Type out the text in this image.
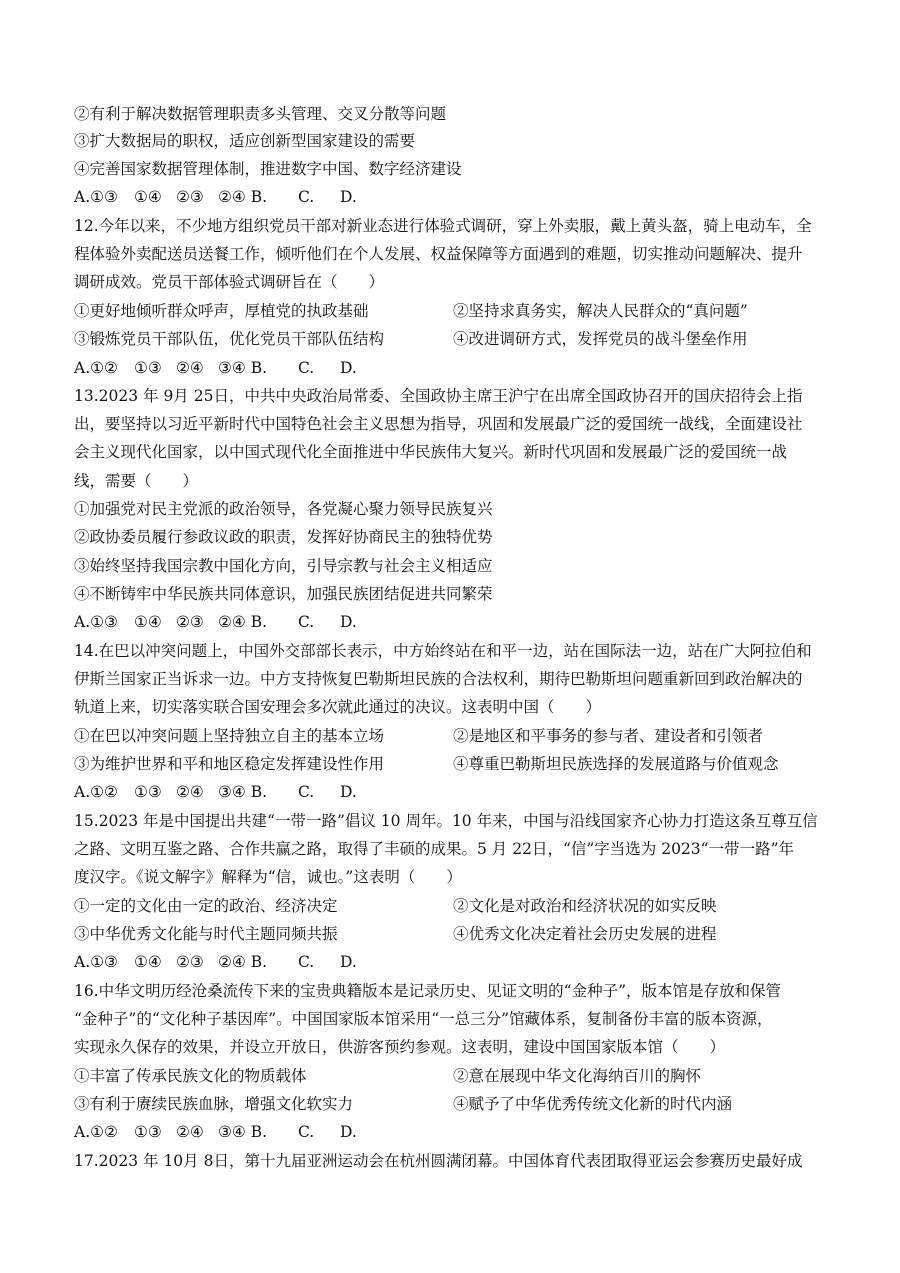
②有利于解决数据管理职责多头管理、交叉分散等问题
③扩大数据局的职权，适应创新型国家建设的需要
④完善国家数据管理体制，推进数字中国、数字经济建设
A.①③ ①④ ②③ ②④ B. C. D.
12.今年以来，不少地方组织党员干部对新业态进行体验式调研，穿上外卖服，戴上黄头盔，骑上电动车，全
程体验外卖配送员送餐工作，倾听他们在个人发展、权益保障等方面遇到的难题，切实推动问题解决、提升
调研成效。党员干部体验式调研旨在（　　）
①更好地倾听群众呼声，厚植党的执政基础	②坚持求真务实，解决人民群众的“真问题”
③锻炼党员干部队伍，优化党员干部队伍结构	④改进调研方式，发挥党员的战斗堡垒作用
A.①② ①③ ②④ ③④ B. C. D.
13.2023 年 9月 25日，中共中央政治局常委、全国政协主席王沪宁在出席全国政协召开的国庆招待会上指
出，要坚持以习近平新时代中国特色社会主义思想为指导，巩固和发展最广泛的爱国统一战线，全面建设社
会主义现代化国家，以中国式现代化全面推进中华民族伟大复兴。新时代巩固和发展最广泛的爱国统一战
线，需要（　　）
①加强党对民主党派的政治领导，各党凝心聚力领导民族复兴
②政协委员履行参政议政的职责，发挥好协商民主的独特优势
③始终坚持我国宗教中国化方向，引导宗教与社会主义相适应
④不断铸牢中华民族共同体意识，加强民族团结促进共同繁荣
A.①③ ①④ ②③ ②④ B. C. D.
14.在巴以冲突问题上，中国外交部部长表示，中方始终站在和平一边，站在国际法一边，站在广大阿拉伯和
伊斯兰国家正当诉求一边。中方支持恢复巴勒斯坦民族的合法权利，期待巴勒斯坦问题重新回到政治解决的
轨道上来，切实落实联合国安理会多次就此通过的决议。这表明中国（　　）
①在巴以冲突问题上坚持独立自主的基本立场	②是地区和平事务的参与者、建设者和引领者
③为维护世界和平和地区稳定发挥建设性作用	④尊重巴勒斯坦民族选择的发展道路与价值观念
A.①② ①③ ②④ ③④ B. C. D.
15.2023 年是中国提出共建“一带一路”倡议 10 周年。10 年来，中国与沿线国家齐心协力打造这条互尊互信
之路、文明互鉴之路、合作共赢之路，取得了丰硕的成果。5 月 22日，“信”字当选为 2023“一带一路”年
度汉字。《说文解字》解释为“信，诚也。”这表明（　　）
①一定的文化由一定的政治、经济决定	②文化是对政治和经济状况的如实反映
③中华优秀文化能与时代主题同频共振	④优秀文化决定着社会历史发展的进程
A.①③ ①④ ②③ ②④ B. C. D.
16.中华文明历经沧桑流传下来的宝贵典籍版本是记录历史、见证文明的“金种子”，版本馆是存放和保管
“金种子”的“文化种子基因库”。中国国家版本馆采用“一总三分”馆藏体系，复制备份丰富的版本资源，
实现永久保存的效果，并设立开放日，供游客预约参观。这表明，建设中国国家版本馆（　　）
①丰富了传承民族文化的物质载体	②意在展现中华文化海纳百川的胸怀
③有利于赓续民族血脉，增强文化软实力	④赋予了中华优秀传统文化新的时代内涵
A.①② ①③ ②④ ③④ B. C. D.
17.2023 年 10月 8日，第十九届亚洲运动会在杭州圆满闭幕。中国体育代表团取得亚运会参赛历史最好成
